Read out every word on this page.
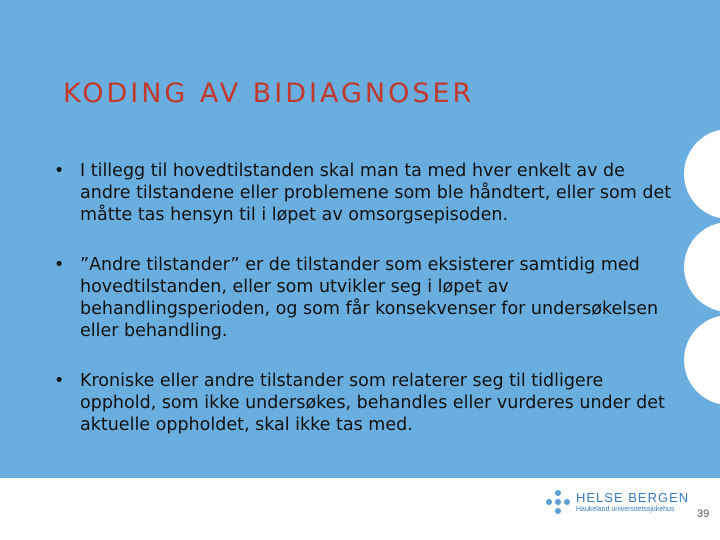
KODING AV BIDIAGNOSER
• I tillegg til hovedtilstanden skal man ta med hver enkelt av de andre tilstandene eller problemene som ble håndtert, eller som det måtte tas hensyn til i løpet av omsorgsepisoden.
• ”Andre tilstander” er de tilstander som eksisterer samtidig med hovedtilstanden, eller som utvikler seg i løpet av behandlingsperioden, og som får konsekvenser for undersøkelsen eller behandling.
• Kroniske eller andre tilstander som relaterer seg til tidligere opphold, som ikke undersøkes, behandles eller vurderes under det aktuelle oppholdet, skal ikke tas med.
HELSE BERGEN
Haukeland universitetssjukehus	39
